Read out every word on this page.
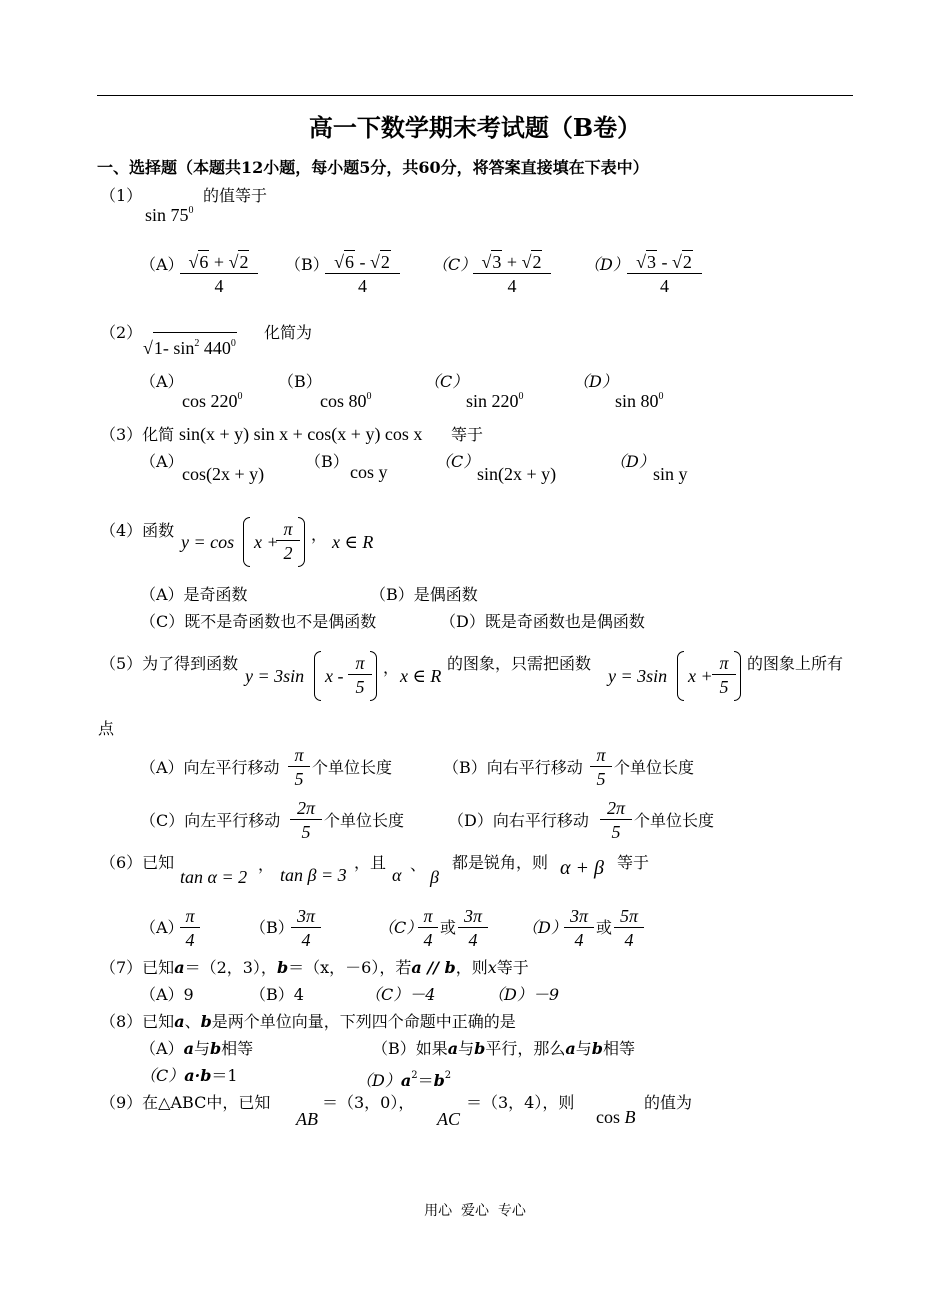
高一下数学期末考试题（B卷）
一、选择题（本题共12小题，每小题5分，共60分，将答案直接填在下表中）
（1）
$\sin 75^0$
的值等于
（A）
$\frac{√6 + √2}{4} (B)$
$\frac{√6 - √2}{4} (C)$
$\frac{√3 + √2}{4} (D)$
$\frac{√3 - √2}{4}$
（2）
√1- $\sin^2 440^0$
化简为
（A）
$\cos 220^0$
（B）
$\cos 80^0$
（C）
$\sin 220^0$
（D）
$\sin 80^0$
（3）化简 sin(x + y) sin x + cos(x + y) cos x 等于
（A）
cos(2x + y)
（B）
cos y
（C）
sin(2x + y)
（D）
sin y
（4）函数
y = cos x +
$\frac{\pi}{2}$ ， x ∈ R
（A）是奇函数	（B）是偶函数
（C）既不是奇函数也不是偶函数	（D）既是奇函数也是偶函数
（5）为了得到函数
y = 3sin x - $\frac{\pi}{5}$ ， x ∈ R
的图象，只需把函数
y = 3sin $x + \frac{\pi}{5}$ 的图象上所有
点
（A）向左平行移动 $\frac{\pi}{5}$ 个单位长度	（B）向右平行移动 $\frac{\pi}{5}$ 个单位长度
（C）向左平行移动 $\frac{2\pi}{5}$ 个单位长度	（D）向右平行移动 $\frac{2\pi}{5}$ 个单位长度
（6）已知
tan α = 2
，
tan β = 3
，且
α
、
β
都是锐角，则 α + β 等于
（A）
$\frac{\pi}{4}$	（B）
$\frac{3\pi}{4}$	（C）
$\frac{\pi}{4}$ 或 $\frac{3\pi}{4} (D)$
$\frac{3\pi}{4}$ 或 $\frac{5\pi}{4}$
（7）已知a＝（2，3），b＝（x，－6），若a // b，则x等于
（A）9	（B）4	（C）－4	（D）－9
（8）已知a、b是两个单位向量，下列四个命题中正确的是
（A）a与b相等	（B）如果a与b平行，那么a与b相等
（C）a·b＝1	$(D)a^2=b^2$
（9）在△ABC中，已知
AB
＝（3，0），
AC
＝（3，4），则
cos B
的值为
用心  爱心  专心
